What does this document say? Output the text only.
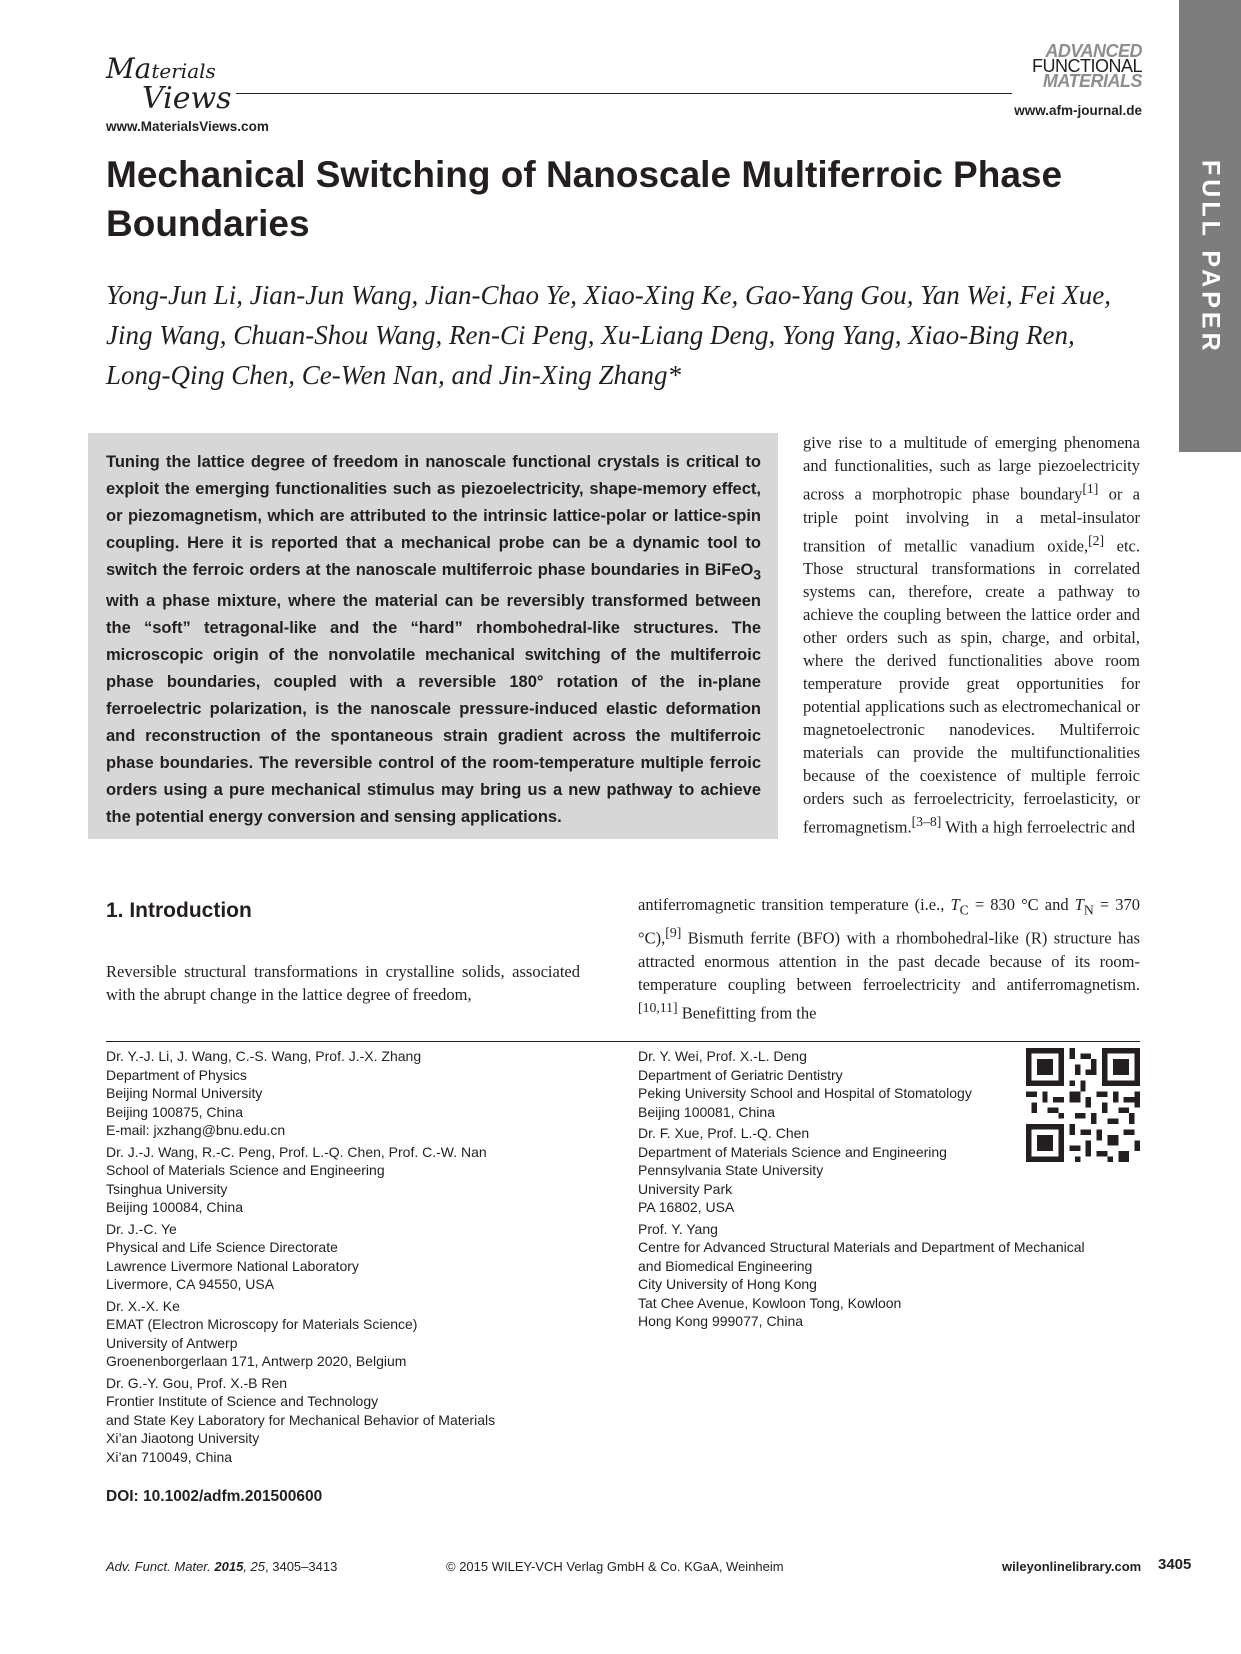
Materials
Views
www.MaterialsViews.com
ADVANCED
FUNCTIONAL
MATERIALS
www.afm-journal.de
FULL PAPER
Mechanical Switching of Nanoscale Multiferroic Phase Boundaries
Yong-Jun Li, Jian-Jun Wang, Jian-Chao Ye, Xiao-Xing Ke, Gao-Yang Gou, Yan Wei, Fei Xue, Jing Wang, Chuan-Shou Wang, Ren-Ci Peng, Xu-Liang Deng, Yong Yang, Xiao-Bing Ren, Long-Qing Chen, Ce-Wen Nan, and Jin-Xing Zhang*
Tuning the lattice degree of freedom in nanoscale functional crystals is critical to exploit the emerging functionalities such as piezoelectricity, shape-memory effect, or piezomagnetism, which are attributed to the intrinsic lattice-polar or lattice-spin coupling. Here it is reported that a mechanical probe can be a dynamic tool to switch the ferroic orders at the nanoscale multiferroic phase boundaries in BiFeO$_3$ with a phase mixture, where the material can be reversibly transformed between the “soft” tetragonal-like and the “hard” rhombohedral-like structures. The microscopic origin of the nonvolatile mechanical switching of the multiferroic phase boundaries, coupled with a reversible 180° rotation of the in-plane ferroelectric polarization, is the nanoscale pressure-induced elastic deformation and reconstruction of the spontaneous strain gradient across the multiferroic phase boundaries. The reversible control of the room-temperature multiple ferroic orders using a pure mechanical stimulus may bring us a new pathway to achieve the potential energy conversion and sensing applications.
give rise to a multitude of emerging phenomena and functionalities, such as large piezoelectricity across a morphotropic phase boundary[1] or a triple point involving in a metal-insulator transition of metallic vanadium oxide,[2] etc. Those structural transformations in correlated systems can, therefore, create a pathway to achieve the coupling between the lattice order and other orders such as spin, charge, and orbital, where the derived functionalities above room temperature provide great opportunities for potential applications such as electromechanical or magnetoelectronic nanodevices. Multiferroic materials can provide the multifunctionalities because of the coexistence of multiple ferroic orders such as ferroelectricity, ferroelasticity, or ferromagnetism.[3–8] With a high ferroelectric and
antiferromagnetic transition temperature (i.e., $T_C = 830$ °C and $T_N = 370$ °C),[9] Bismuth ferrite (BFO) with a rhombohedral-like (R) structure has attracted enormous attention in the past decade because of its room-temperature coupling between ferroelectricity and antiferromagnetism.[10,11] Benefitting from the
1. Introduction
Reversible structural transformations in crystalline solids, associated with the abrupt change in the lattice degree of freedom,
Dr. Y.-J. Li, J. Wang, C.-S. Wang, Prof. J.-X. Zhang
Department of Physics
Beijing Normal University
Beijing 100875, China
E-mail: jxzhang@bnu.edu.cn
Dr. J.-J. Wang, R.-C. Peng, Prof. L.-Q. Chen, Prof. C.-W. Nan
School of Materials Science and Engineering
Tsinghua University
Beijing 100084, China
Dr. J.-C. Ye
Physical and Life Science Directorate
Lawrence Livermore National Laboratory
Livermore, CA 94550, USA
Dr. X.-X. Ke
EMAT (Electron Microscopy for Materials Science)
University of Antwerp
Groenenborgerlaan 171, Antwerp 2020, Belgium
Dr. G.-Y. Gou, Prof. X.-B Ren
Frontier Institute of Science and Technology
and State Key Laboratory for Mechanical Behavior of Materials
Xi’an Jiaotong University
Xi’an 710049, China
Dr. Y. Wei, Prof. X.-L. Deng
Department of Geriatric Dentistry
Peking University School and Hospital of Stomatology
Beijing 100081, China
Dr. F. Xue, Prof. L.-Q. Chen
Department of Materials Science and Engineering
Pennsylvania State University
University Park
PA 16802, USA
Prof. Y. Yang
Centre for Advanced Structural Materials and Department of Mechanical
and Biomedical Engineering
City University of Hong Kong
Tat Chee Avenue, Kowloon Tong, Kowloon
Hong Kong 999077, China
DOI: 10.1002/adfm.201500600
Adv. Funct. Mater. 2015, 25, 3405–3413	© 2015 WILEY-VCH Verlag GmbH & Co. KGaA, Weinheim	wileyonlinelibrary.com 3405
